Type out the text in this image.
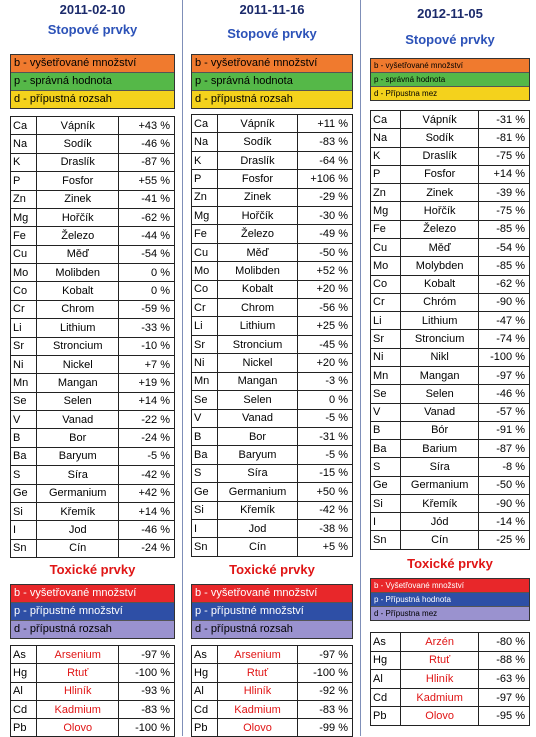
2011-02-10
Stopové prvky
b - vyšetřované množství
p - správná hodnota
d - přípustná rozsah
Ca	Vápník	+43 %
Na	Sodík	-46 %
K	Draslík	-87 %
P	Fosfor	+55 %
Zn	Zinek	-41 %
Mg	Hořčík	-62 %
Fe	Železo	-44 %
Cu	Měď	-54 %
Mo	Molibden	0 %
Co	Kobalt	0 %
Cr	Chrom	-59 %
Li	Lithium	-33 %
Sr	Stroncium	-10 %
Ni	Nickel	+7 %
Mn	Mangan	+19 %
Se	Selen	+14 %
V	Vanad	-22 %
B	Bor	-24 %
Ba	Baryum	-5 %
S	Síra	-42 %
Ge	Germanium	+42 %
Si	Křemík	+14 %
I	Jod	-46 %
Sn	Cín	-24 %
Toxické prvky
b - vyšetřované množství
p - přípustné množství
d - přípustná rozsah
As	Arsenium	-97 %
Hg	Rtuť	-100 %
Al	Hliník	-93 %
Cd	Kadmium	-83 %
Pb	Olovo	-100 %
2011-11-16
Stopové prvky
b - vyšetřované množství
p - správná hodnota
d - přípustná rozsah
Ca	Vápník	+11 %
Na	Sodík	-83 %
K	Draslík	-64 %
P	Fosfor	+106 %
Zn	Zinek	-29 %
Mg	Hořčík	-30 %
Fe	Železo	-49 %
Cu	Měď	-50 %
Mo	Molibden	+52 %
Co	Kobalt	+20 %
Cr	Chrom	-56 %
Li	Lithium	+25 %
Sr	Stroncium	-45 %
Ni	Nickel	+20 %
Mn	Mangan	-3 %
Se	Selen	0 %
V	Vanad	-5 %
B	Bor	-31 %
Ba	Baryum	-5 %
S	Síra	-15 %
Ge	Germanium	+50 %
Si	Křemík	-42 %
I	Jod	-38 %
Sn	Cín	+5 %
Toxické prvky
b - vyšetřované množství
p - přípustné množství
d - přípustná rozsah
As	Arsenium	-97 %
Hg	Rtuť	-100 %
Al	Hliník	-92 %
Cd	Kadmium	-83 %
Pb	Olovo	-99 %
2012-11-05
Stopové prvky
b - vyšetřované množství
p - správná hodnota
d - Přípustna mez
Ca	Vápník	-31 %
Na	Sodík	-81 %
K	Draslík	-75 %
P	Fosfor	+14 %
Zn	Zinek	-39 %
Mg	Hořčík	-75 %
Fe	Železo	-85 %
Cu	Měď	-54 %
Mo	Molybden	-85 %
Co	Kobalt	-62 %
Cr	Chróm	-90 %
Li	Lithium	-47 %
Sr	Stroncium	-74 %
Ni	Nikl	-100 %
Mn	Mangan	-97 %
Se	Selen	-46 %
V	Vanad	-57 %
B	Bór	-91 %
Ba	Barium	-87 %
S	Síra	-8 %
Ge	Germanium	-50 %
Si	Křemík	-90 %
I	Jód	-14 %
Sn	Cín	-25 %
Toxické prvky
b - Vyšetřované množství
p - Přípustná hodnota
d - Přípustna mez
As	Arzén	-80 %
Hg	Rtuť	-88 %
Al	Hliník	-63 %
Cd	Kadmium	-97 %
Pb	Olovo	-95 %
